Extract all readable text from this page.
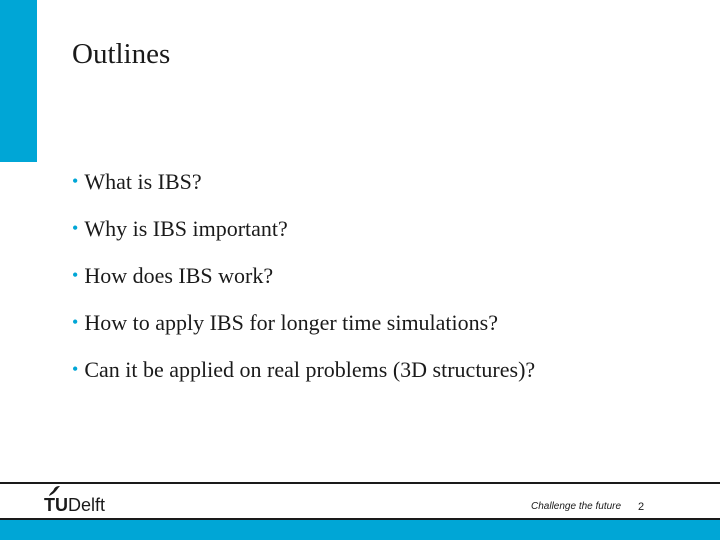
Outlines
• What is IBS?
• Why is IBS important?
• How does IBS work?
• How to apply IBS for longer time simulations?
• Can it be applied on real problems (3D structures)?
TU Delft	Challenge the future 2
